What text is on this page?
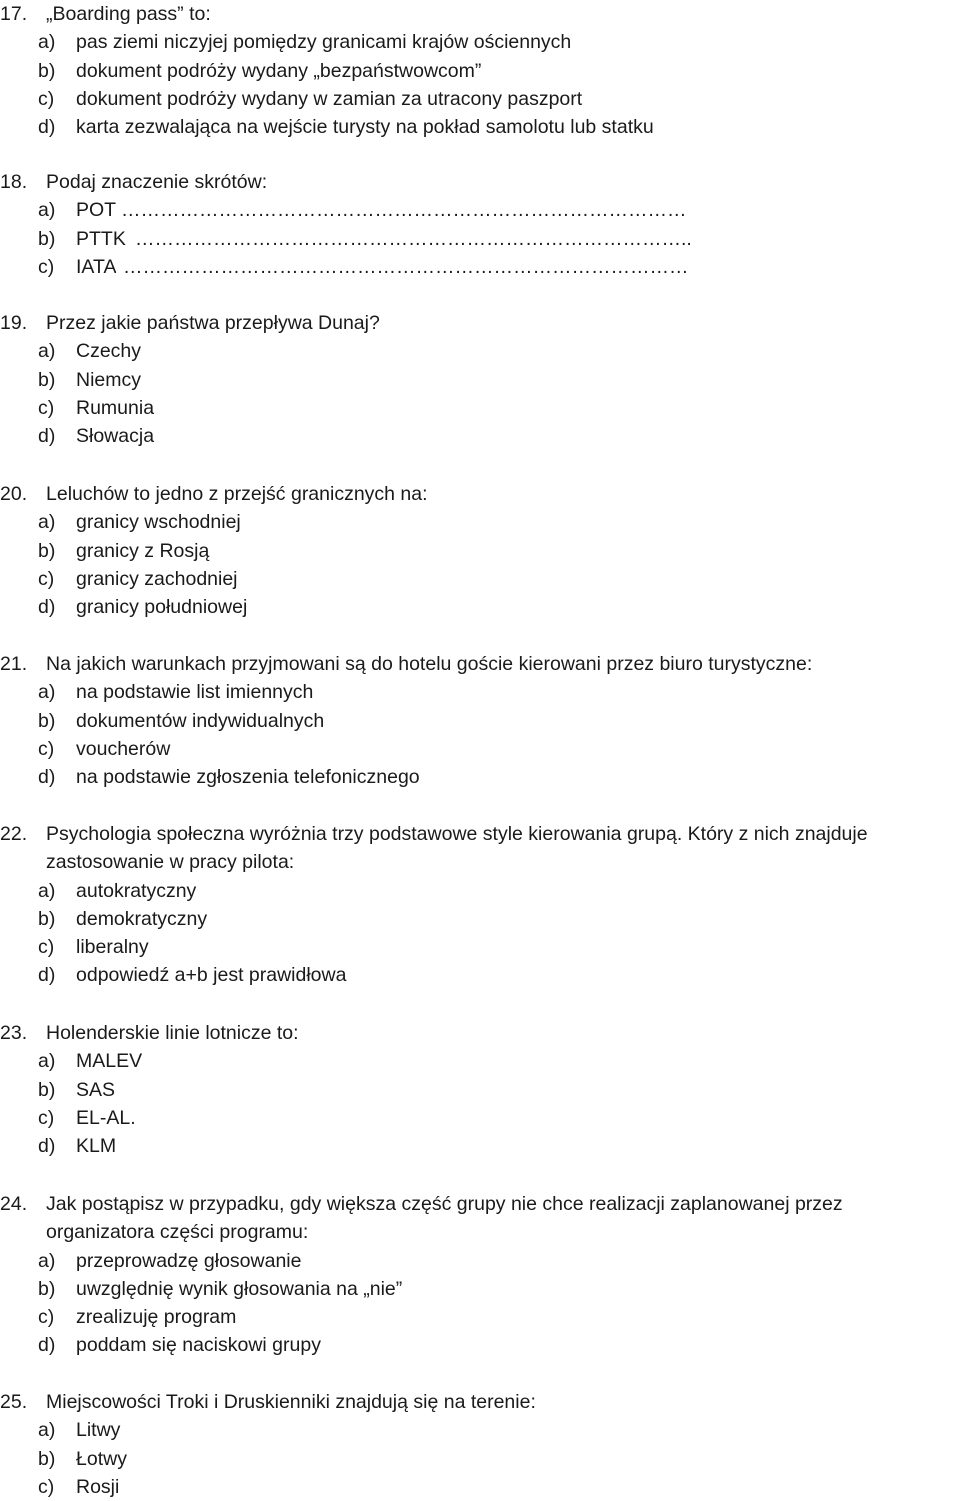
17. „Boarding pass” to:
a) pas ziemi niczyjej pomiędzy granicami krajów ościennych
b) dokument podróży wydany „bezpaństwowcom”
c) dokument podróży wydany w zamian za utracony paszport
d) karta zezwalająca na wejście turysty na pokład samolotu lub statku
18. Podaj znaczenie skrótów:
a) POT ……………………………………………………………………………
b) PTTK …………………………………………………………………………..
c) IATA ……………………………………………………………………………
19. Przez jakie państwa przepływa Dunaj?
a) Czechy
b) Niemcy
c) Rumunia
d) Słowacja
20. Leluchów to jedno z przejść granicznych na:
a) granicy wschodniej
b) granicy z Rosją
c) granicy zachodniej
d) granicy południowej
21. Na jakich warunkach przyjmowani są do hotelu goście kierowani przez biuro turystyczne:
a) na podstawie list imiennych
b) dokumentów indywidualnych
c) voucherów
d) na podstawie zgłoszenia telefonicznego
22. Psychologia społeczna wyróżnia trzy podstawowe style kierowania grupą. Który z nich znajduje
zastosowanie w pracy pilota:
a) autokratyczny
b) demokratyczny
c) liberalny
d) odpowiedź a+b jest prawidłowa
23. Holenderskie linie lotnicze to:
a) MALEV
b) SAS
c) EL-AL.
d) KLM
24. Jak postąpisz w przypadku, gdy większa część grupy nie chce realizacji zaplanowanej przez
organizatora części programu:
a) przeprowadzę głosowanie
b) uwzględnię wynik głosowania na „nie”
c) zrealizuję program
d) poddam się naciskowi grupy
25. Miejscowości Troki i Druskienniki znajdują się na terenie:
a) Litwy
b) Łotwy
c) Rosji
